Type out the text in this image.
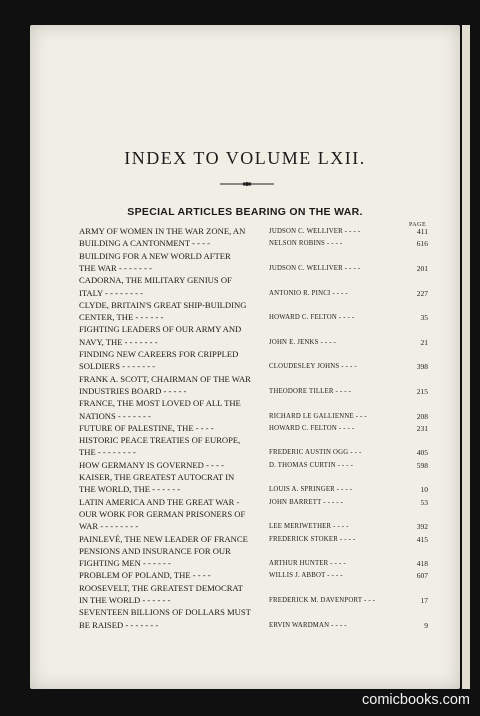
INDEX TO VOLUME LXII.
SPECIAL ARTICLES BEARING ON THE WAR.
PAGE
ARMY OF WOMEN IN THE WAR ZONE, AN	JUDSON C. WELLIVER - - - -	411
BUILDING A CANTONMENT - - - -	NELSON ROBINS - - - -	616
BUILDING FOR A NEW WORLD AFTER
THE WAR - - - - - - -	JUDSON C. WELLIVER - - - -	201
CADORNA, THE MILITARY GENIUS OF
ITALY - - - - - - - -	ANTONIO R. PINCI - - - -	227
CLYDE, BRITAIN'S GREAT SHIP-BUILDING
CENTER, THE - - - - - -	HOWARD C. FELTON - - - -	35
FIGHTING LEADERS OF OUR ARMY AND
NAVY, THE - - - - - - -	JOHN E. JENKS - - - -	21
FINDING NEW CAREERS FOR CRIPPLED
SOLDIERS - - - - - - -	CLOUDESLEY JOHNS - - - -	398
FRANK A. SCOTT, CHAIRMAN OF THE WAR
INDUSTRIES BOARD - - - - -	THEODORE TILLER - - - -	215
FRANCE, THE MOST LOVED OF ALL THE
NATIONS - - - - - - -	RICHARD LE GALLIENNE - - -	208
FUTURE OF PALESTINE, THE - - - -	HOWARD C. FELTON - - - -	231
HISTORIC PEACE TREATIES OF EUROPE,
THE - - - - - - - -	FREDERIC AUSTIN OGG - - -	405
HOW GERMANY IS GOVERNED - - - -	D. THOMAS CURTIN - - - -	598
KAISER, THE GREATEST AUTOCRAT IN
THE WORLD, THE - - - - - -	LOUIS A. SPRINGER - - - -	10
LATIN AMERICA AND THE GREAT WAR -	JOHN BARRETT - - - - -	53
OUR WORK FOR GERMAN PRISONERS OF
WAR - - - - - - - -	LEE MERIWETHER - - - -	392
PAINLEVÉ, THE NEW LEADER OF FRANCE	FREDERICK STOKER - - - -	415
PENSIONS AND INSURANCE FOR OUR
FIGHTING MEN - - - - - -	ARTHUR HUNTER - - - -	418
PROBLEM OF POLAND, THE - - - -	WILLIS J. ABBOT - - - -	607
ROOSEVELT, THE GREATEST DEMOCRAT
IN THE WORLD - - - - - -	FREDERICK M. DAVENPORT - - -	17
SEVENTEEN BILLIONS OF DOLLARS MUST
BE RAISED - - - - - - -	ERVIN WARDMAN - - - -	9
comicbooks.com
